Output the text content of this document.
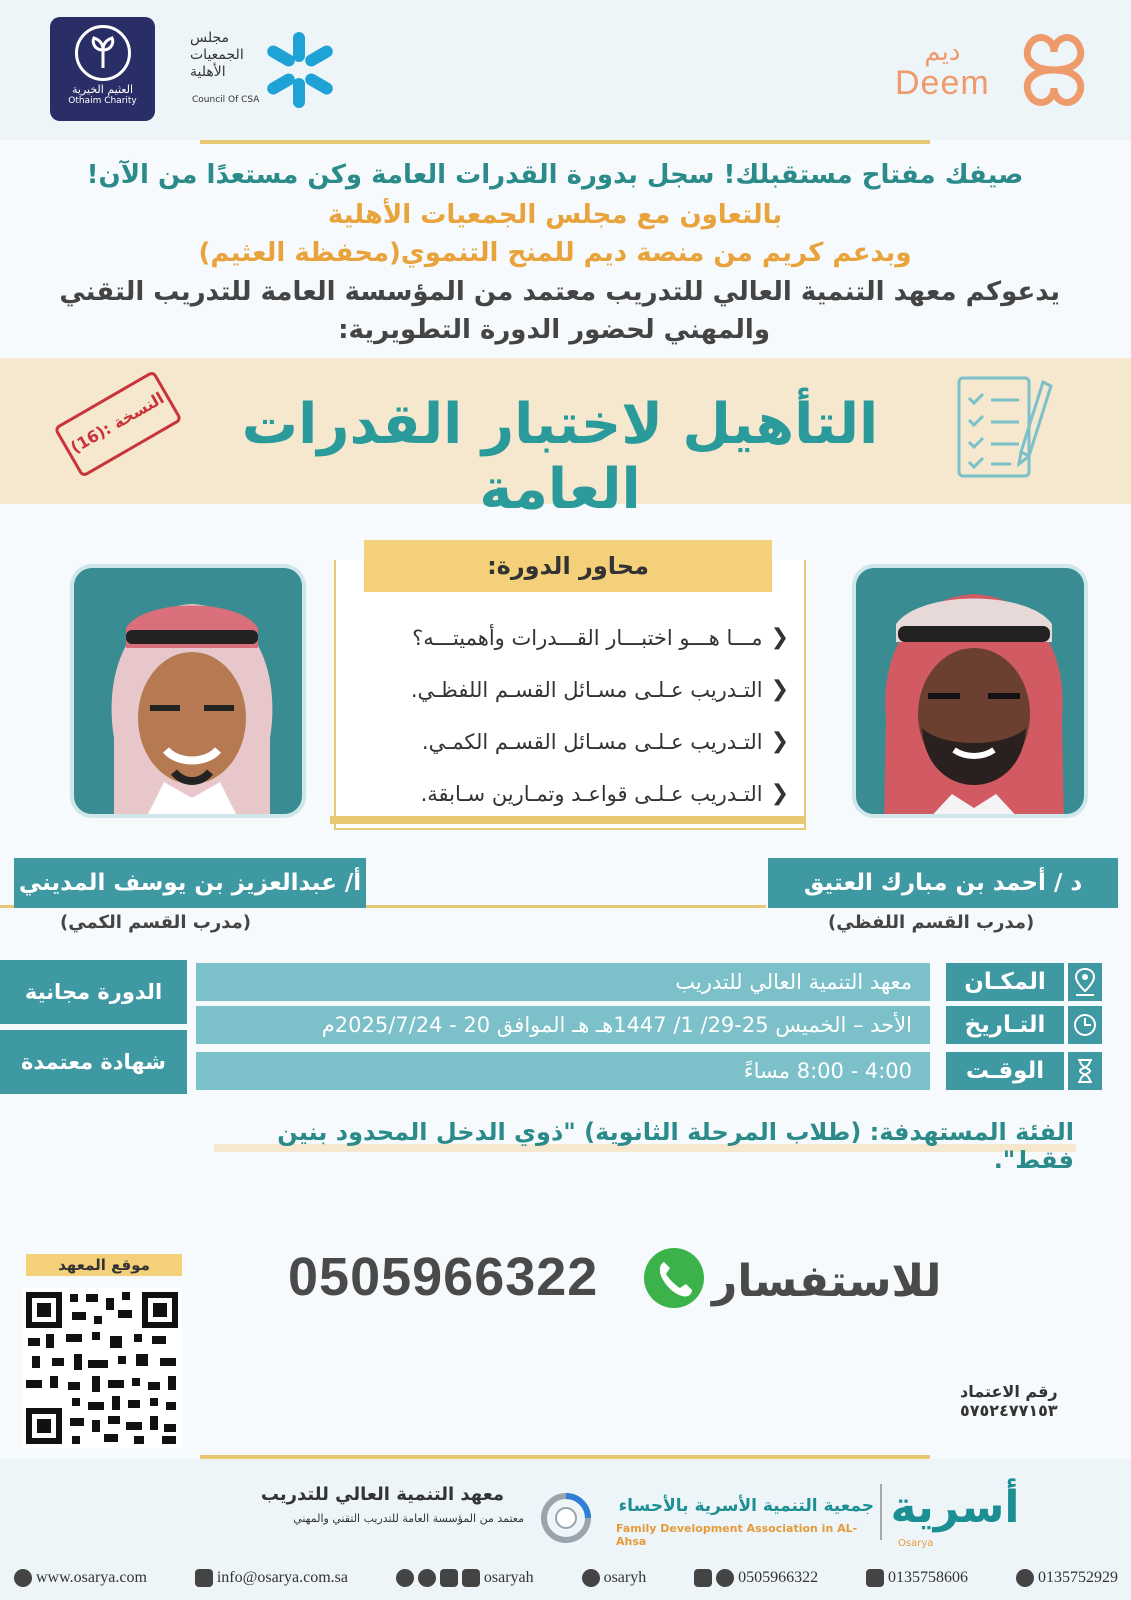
العثيم الخيرية
Othaim Charity
مجلس
الجمعيات
الأهلية
Council Of CSA
ديم
Deem
صيفك مفتاح مستقبلك! سجل بدورة القدرات العامة وكن مستعدًا من الآن!
بالتعاون مع مجلس الجمعيات الأهلية
وبدعم كريم من منصة ديم للمنح التنموي(محفظة العثيم)
يدعوكم معهد التنمية العالي للتدريب معتمد من المؤسسة العامة للتدريب التقني
والمهني لحضور الدورة التطويرية:
التأهيل لاختبار القدرات العامة
النسخة :(16)
محاور الدورة:
❮
مـــا هـــو اختبـــار القـــدرات وأهميتـــه؟
❮
التـدريب عـلـى مسـائل القسـم اللفظـي.
❮
التـدريب عـلـى مسـائل القسـم الكمـي.
❮
التـدريب عـلـى قواعـد وتمـارين سـابقة.
أ/ عبدالعزيز بن يوسف المديني	د / أحمد بن مبارك العتيق
(مدرب القسم الكمي)	(مدرب القسم اللفظي)
الدورة مجانية
شهادة معتمدة
معهد التنمية العالي للتدريب	المكـان
الأحد – الخميس 25-29/ 1/ 1447هـ هـ الموافق 20 - 2025/7/24م	التـاريخ
4:00 - 8:00 مساءً	الوقـت
الفئة المستهدفة: (طلاب المرحلة الثانوية) "ذوي الدخل المحدود بنين فقط".
للاستفسار
0505966322
موقع المعهد
رقم الاعتماد
٥٧٥٢٤٧٧١٥٣
أسرية
Osarya
جمعية التنمية الأسرية بالأحساء
Family Development Association in AL-Ahsa
معهد التنمية العالي للتدريب
معتمد من المؤسسة العامة للتدريب التقني والمهني
www.osarya.com	info@osarya.com.sa	osaryah	osaryh	0505966322	0135758606	0135752929
